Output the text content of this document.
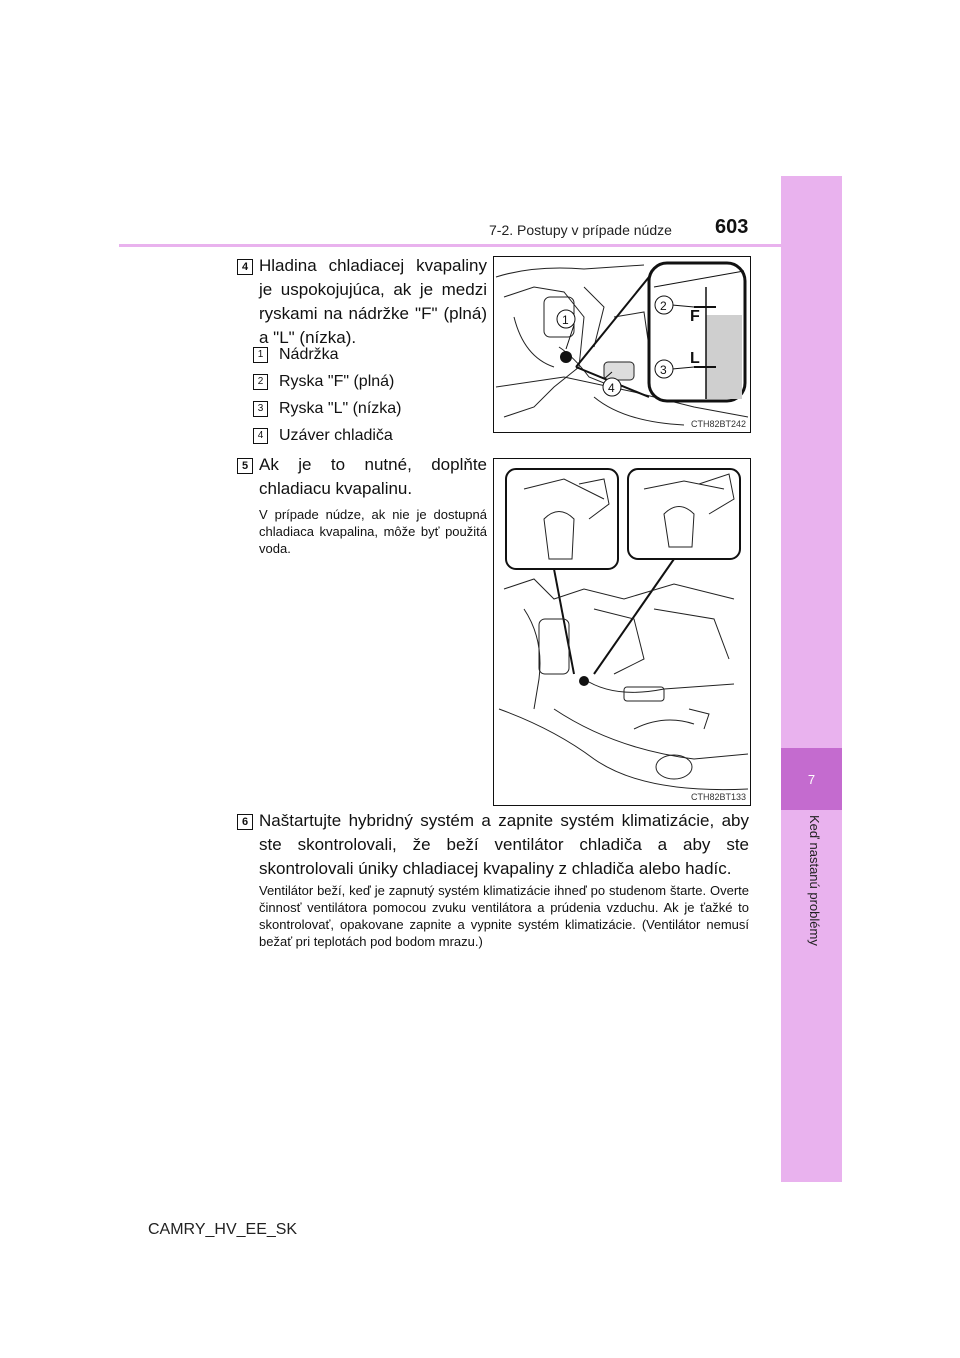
7
Keď nastanú problémy
7-2. Postupy v prípade núdze 603
4 Hladina chladiacej kvapaliny je uspokojujúca, ak je medzi ryskami na nádržke "F" (plná) a "L" (nízka).

1 Nádržka
2 Ryska "F" (plná)
3 Ryska "L" (nízka)
4 Uzáver chladiča
F
L
1
2
3
4
CTH82BT242
5 Ak je to nutné, doplňte chladiacu kvapalinu.

V prípade núdze, ak nie je dostupná chladiaca kvapalina, môže byť použitá voda.

CTH82BT133
6 Naštartujte hybridný systém a zapnite systém klimatizácie, aby ste skontrolovali, že beží ventilátor chladiča a aby ste skontrolovali úniky chladiacej kvapaliny z chladiča alebo hadíc.

Ventilátor beží, keď je zapnutý systém klimatizácie ihneď po studenom štarte. Overte činnosť ventilátora pomocou zvuku ventilátora a prúdenia vzduchu. Ak je ťažké to skontrolovať, opakovane zapnite a vypnite systém klimatizácie. (Ventilátor nemusí bežať pri teplotách pod bodom mrazu.)

CAMRY_HV_EE_SK
